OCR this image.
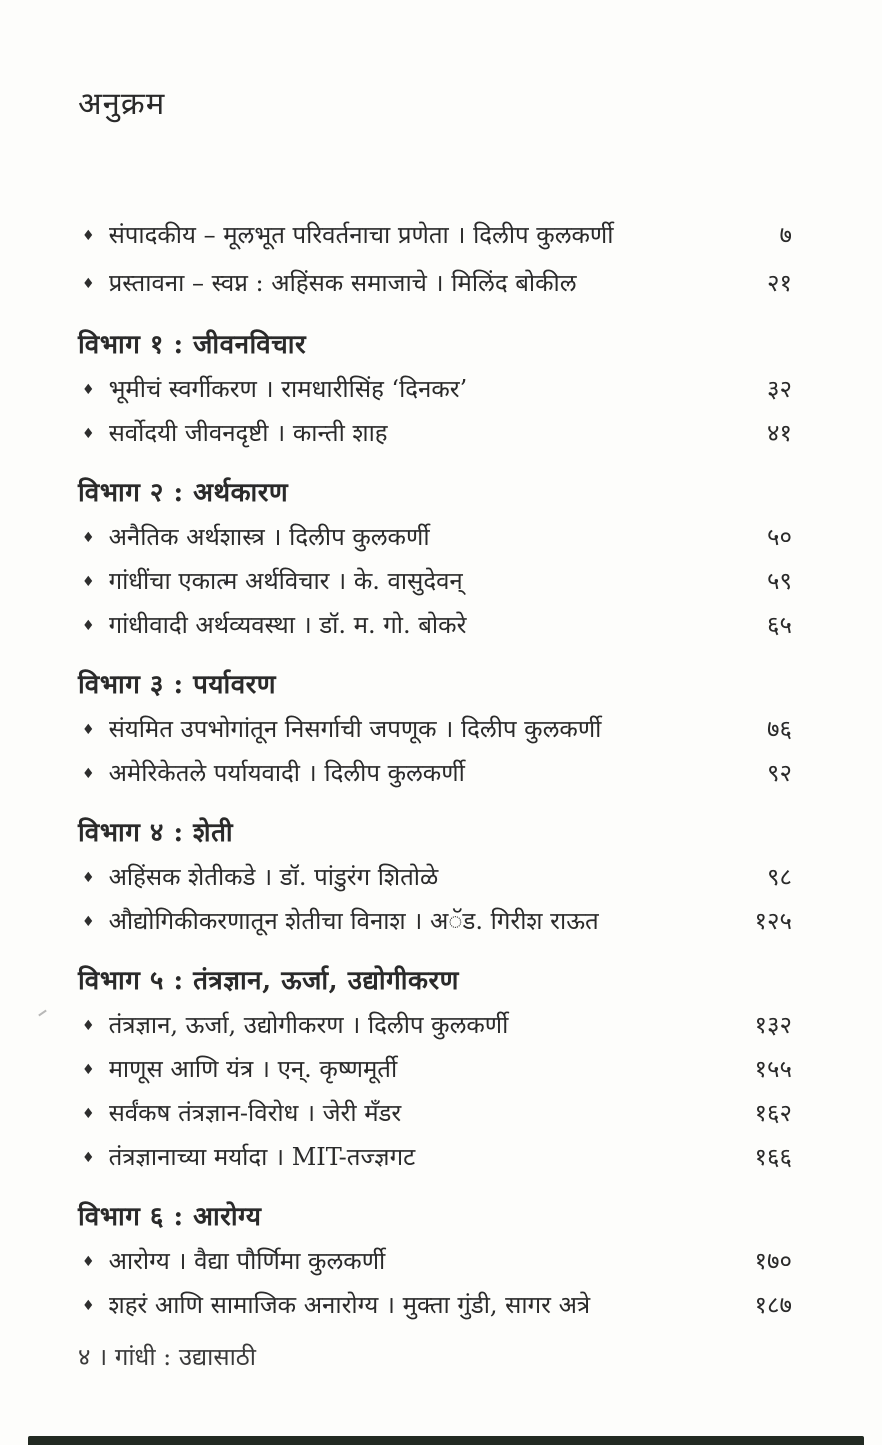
अनुक्रम
♦ संपादकीय – मूलभूत परिवर्तनाचा प्रणेता । दिलीप कुलकर्णी	७
♦ प्रस्तावना – स्वप्न : अहिंसक समाजाचे । मिलिंद बोकील	२१
विभाग १ : जीवनविचार
♦ भूमीचं स्वर्गीकरण । रामधारीसिंह ‘दिनकर’	३२
♦ सर्वोदयी जीवनदृष्टी । कान्ती शाह	४१
विभाग २ : अर्थकारण
♦ अनैतिक अर्थशास्त्र । दिलीप कुलकर्णी	५०
♦ गांधींचा एकात्म अर्थविचार । के. वासुदेवन्	५९
♦ गांधीवादी अर्थव्यवस्था । डॉ. म. गो. बोकरे	६५
विभाग ३ : पर्यावरण
♦ संयमित उपभोगांतून निसर्गाची जपणूक । दिलीप कुलकर्णी	७६
♦ अमेरिकेतले पर्यायवादी । दिलीप कुलकर्णी	९२
विभाग ४ : शेती
♦ अहिंसक शेतीकडे । डॉ. पांडुरंग शितोळे	९८
♦ औद्योगिकीकरणातून शेतीचा विनाश । अॅड. गिरीश राऊत	१२५
विभाग ५ : तंत्रज्ञान, ऊर्जा, उद्योगीकरण
♦ तंत्रज्ञान, ऊर्जा, उद्योगीकरण । दिलीप कुलकर्णी	१३२
♦ माणूस आणि यंत्र । एन्. कृष्णमूर्ती	१५५
♦ सर्वंकष तंत्रज्ञान-विरोध । जेरी मँडर	१६२
♦ तंत्रज्ञानाच्या मर्यादा । MIT-तज्ज्ञगट	१६६
विभाग ६ : आरोग्य
♦ आरोग्य । वैद्या पौर्णिमा कुलकर्णी	१७०
♦ शहरं आणि सामाजिक अनारोग्य । मुक्ता गुंडी, सागर अत्रे	१८७
४ । गांधी : उद्यासाठी
